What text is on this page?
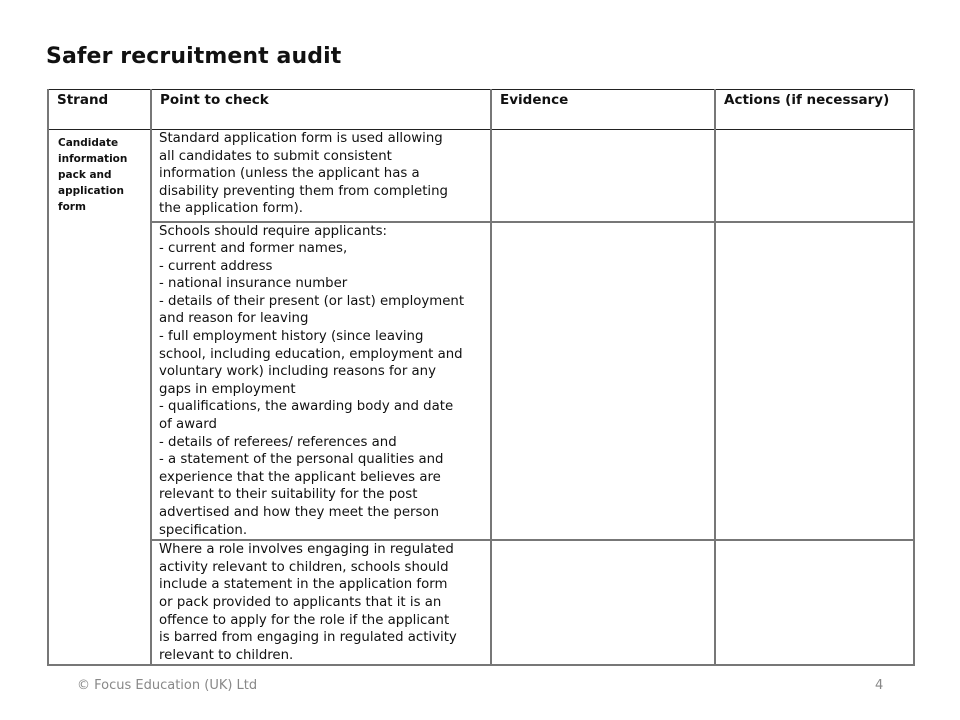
Safer recruitment audit
Strand	Point to check	Evidence	Actions (if necessary)
Candidate information pack and application form	Standard application form is used allowing
all candidates to submit consistent
information (unless the applicant has a
disability preventing them from completing
the application form).		

Schools should require applicants:
- current and former names,
- current address
- national insurance number
- details of their present (or last) employment
and reason for leaving
- full employment history (since leaving
school, including education, employment and
voluntary work) including reasons for any
gaps in employment
- qualifications, the awarding body and date
of award
- details of referees/ references and
- a statement of the personal qualities and
experience that the applicant believes are
relevant to their suitability for the post
advertised and how they meet the person
specification.

Where a role involves engaging in regulated
activity relevant to children, schools should
include a statement in the application form
or pack provided to applicants that it is an
offence to apply for the role if the applicant
is barred from engaging in regulated activity
relevant to children.

© Focus Education (UK) Ltd	4
